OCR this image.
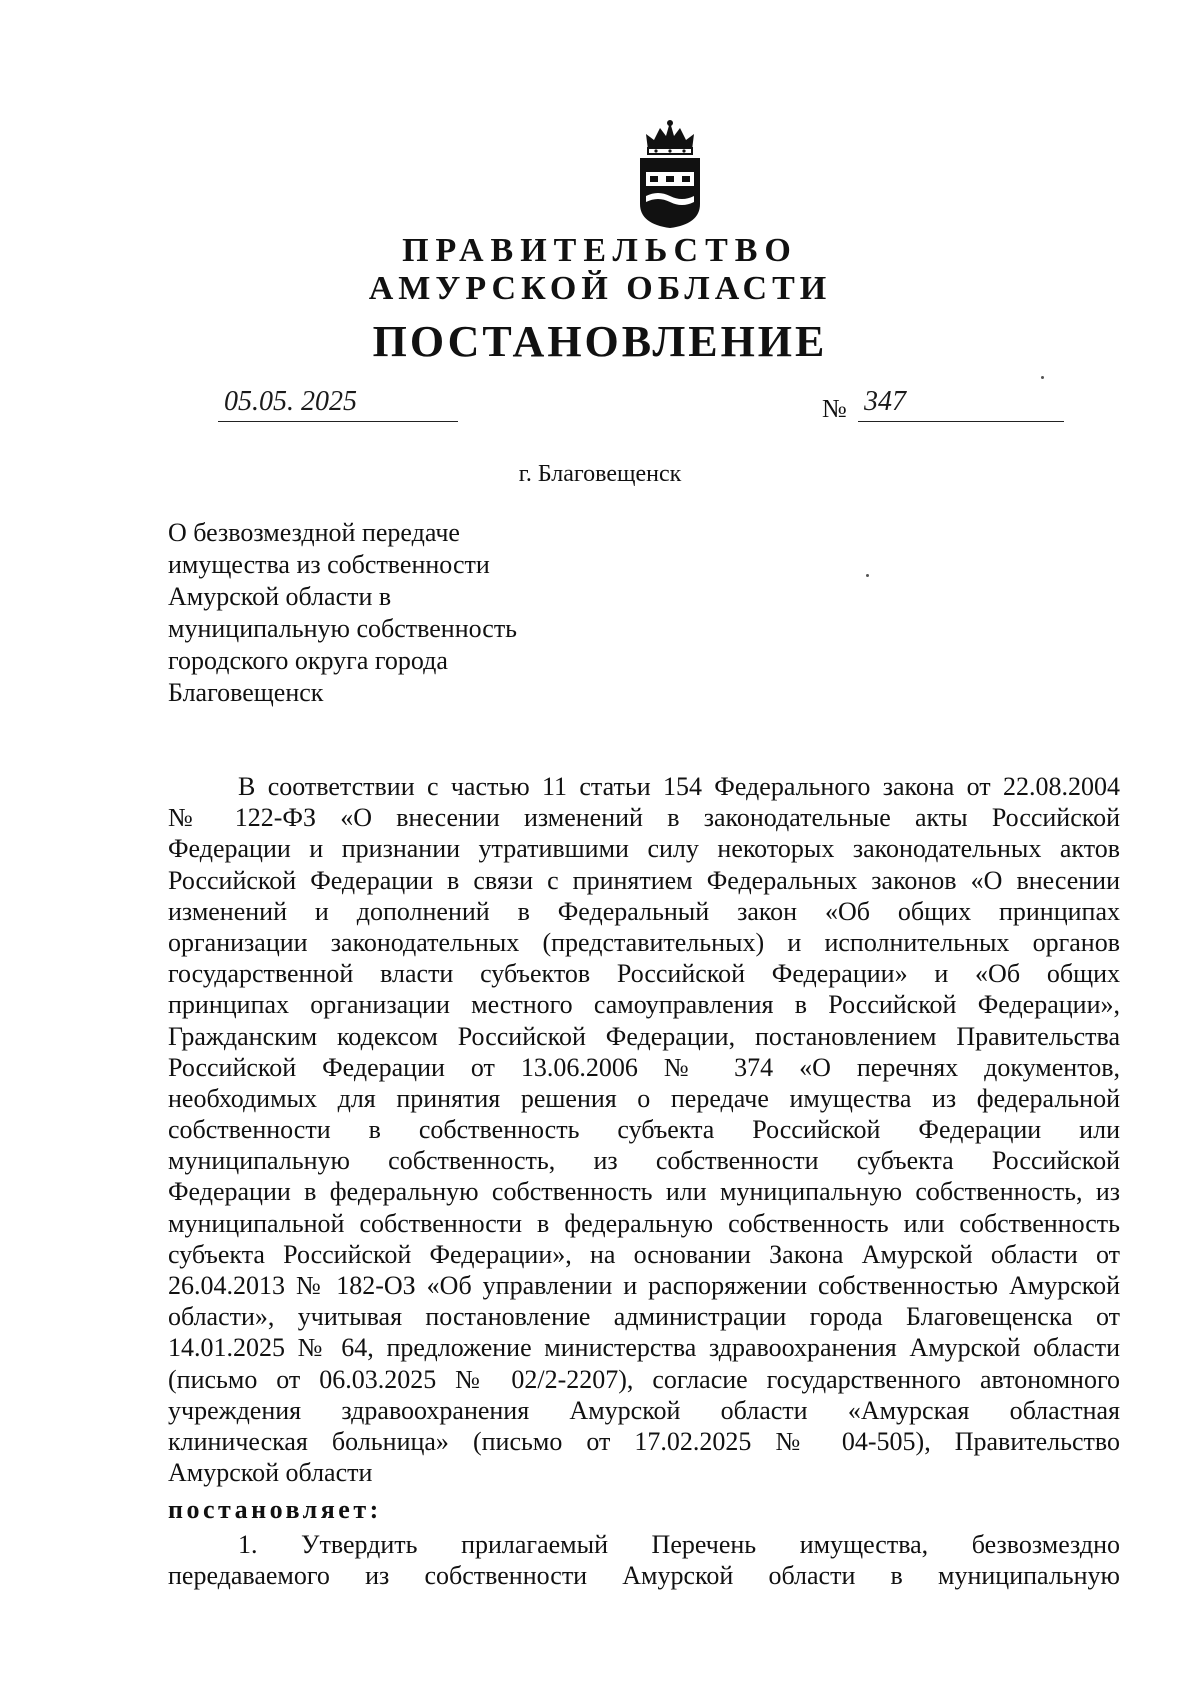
ПРАВИТЕЛЬСТВО

АМУРСКОЙ ОБЛАСТИ

ПОСТАНОВЛЕНИЕ

05.05. 2025	№ 347

г. Благовещенск

О безвозмездной передаче
имущества из собственности
Амурской области в
муниципальную собственность
городского округа города
Благовещенск
В соответствии с частью 11 статьи 154 Федерального закона от 22.08.2004
№ 122-ФЗ «О внесении изменений в законодательные акты Российской
Федерации и признании утратившими силу некоторых законодательных актов
Российской Федерации в связи с принятием Федеральных законов «О внесении
изменений и дополнений в Федеральный закон «Об общих принципах
организации законодательных (представительных) и исполнительных органов
государственной власти субъектов Российской Федерации» и «Об общих
принципах организации местного самоуправления в Российской Федерации»,
Гражданским кодексом Российской Федерации, постановлением Правительства
Российской Федерации от 13.06.2006 № 374 «О перечнях документов,
необходимых для принятия решения о передаче имущества из федеральной
собственности в собственность субъекта Российской Федерации или
муниципальную собственность, из собственности субъекта Российской
Федерации в федеральную собственность или муниципальную собственность, из
муниципальной собственности в федеральную собственность или собственность
субъекта Российской Федерации», на основании Закона Амурской области от
26.04.2013 № 182-ОЗ «Об управлении и распоряжении собственностью Амурской
области», учитывая постановление администрации города Благовещенска от
14.01.2025 № 64, предложение министерства здравоохранения Амурской области
(письмо от 06.03.2025 № 02/2-2207), согласие государственного автономного
учреждения здравоохранения Амурской области «Амурская областная
клиническая больница» (письмо от 17.02.2025 № 04-505), Правительство
Амурской области

постановляет:

1. Утвердить прилагаемый Перечень имущества, безвозмездно
передаваемого из собственности Амурской области в муниципальную
